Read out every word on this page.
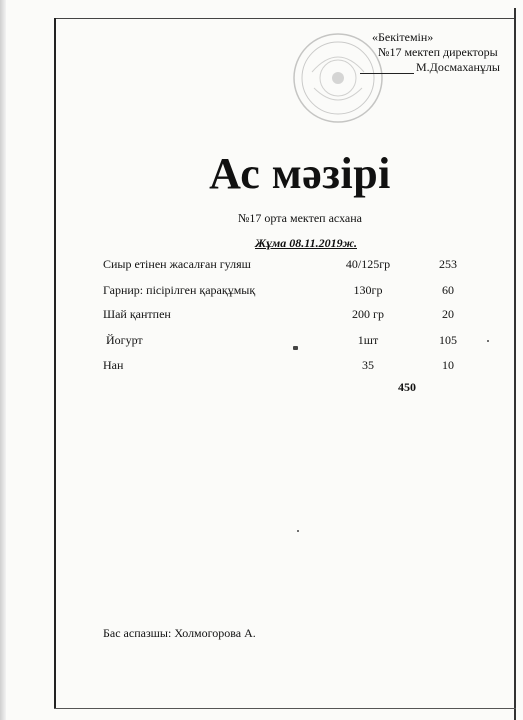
«Бекітемін»
№17 мектеп директоры
М.Досмаханұлы
Ас мәзірі
№17 орта мектеп асхана
Жұма 08.11.2019ж.
Сиыр етінен жасалған гуляш	40/125гр	253
Гарнир: пісірілген қарақұмық	130гр	60
Шай қантпен	200 гр	20
Йогурт	1шт	105
Нан	35	10
450
Бас аспазшы: Холмогорова А.
